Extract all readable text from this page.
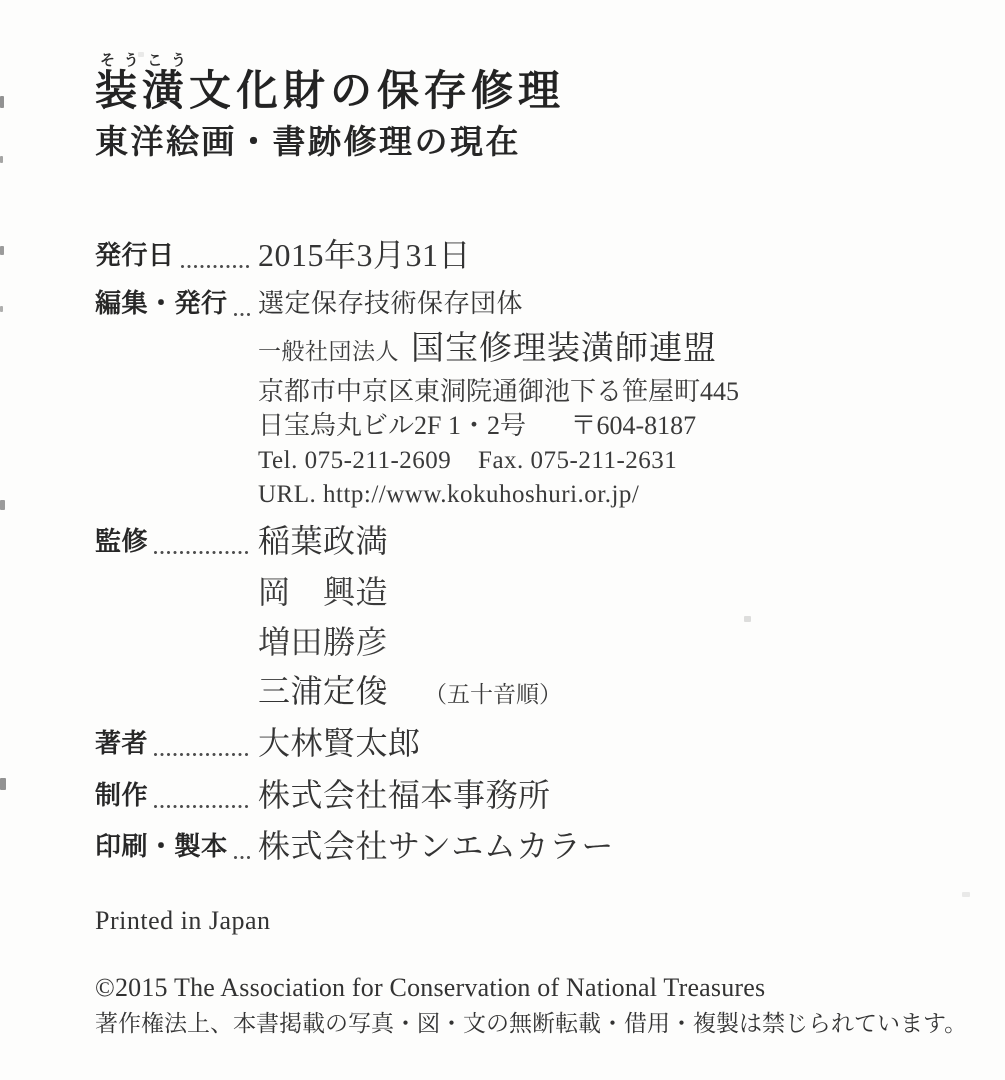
そ う こ う
装潢文化財の保存修理
東洋絵画・書跡修理の現在
発行日	2015年3月31日
編集・発行 選定保存技術保存団体
一般社団法人 国宝修理装潢師連盟
京都市中京区東洞院通御池下る笹屋町445
日宝烏丸ビル2F 1・2号 〒604-8187
Tel. 075-211-2609 Fax. 075-211-2631
URL. http://www.kokuhoshuri.or.jp/
監修	稲葉政満
岡　興造
増田勝彦
三浦定俊 （五十音順）
著者	大林賢太郎
制作	株式会社福本事務所
印刷・製本 株式会社サンエムカラー
Printed in Japan
©2015 The Association for Conservation of National Treasures
著作権法上、本書掲載の写真・図・文の無断転載・借用・複製は禁じられています。
